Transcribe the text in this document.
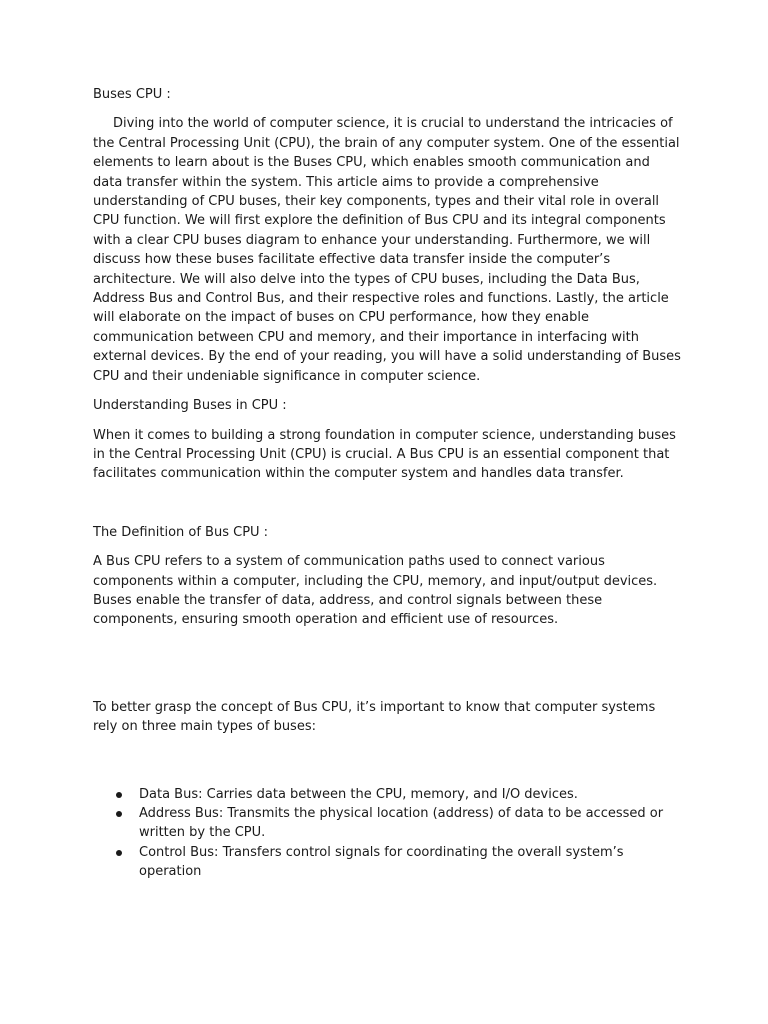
Buses CPU :

Diving into the world of computer science, it is crucial to understand the intricacies of the Central Processing Unit (CPU), the brain of any computer system. One of the essential elements to learn about is the Buses CPU, which enables smooth communication and data transfer within the system. This article aims to provide a comprehensive understanding of CPU buses, their key components, types and their vital role in overall CPU function. We will first explore the definition of Bus CPU and its integral components with a clear CPU buses diagram to enhance your understanding. Furthermore, we will discuss how these buses facilitate effective data transfer inside the computer’s architecture. We will also delve into the types of CPU buses, including the Data Bus, Address Bus and Control Bus, and their respective roles and functions. Lastly, the article will elaborate on the impact of buses on CPU performance, how they enable communication between CPU and memory, and their importance in interfacing with external devices. By the end of your reading, you will have a solid understanding of Buses CPU and their undeniable significance in computer science.

Understanding Buses in CPU :

When it comes to building a strong foundation in computer science, understanding buses in the Central Processing Unit (CPU) is crucial. A Bus CPU is an essential component that facilitates communication within the computer system and handles data transfer.

The Definition of Bus CPU :

A Bus CPU refers to a system of communication paths used to connect various components within a computer, including the CPU, memory, and input/output devices. Buses enable the transfer of data, address, and control signals between these components, ensuring smooth operation and efficient use of resources.

To better grasp the concept of Bus CPU, it’s important to know that computer systems rely on three main types of buses:

Data Bus: Carries data between the CPU, memory, and I/O devices.
Address Bus: Transmits the physical location (address) of data to be accessed or written by the CPU.
Control Bus: Transfers control signals for coordinating the overall system’s operation
